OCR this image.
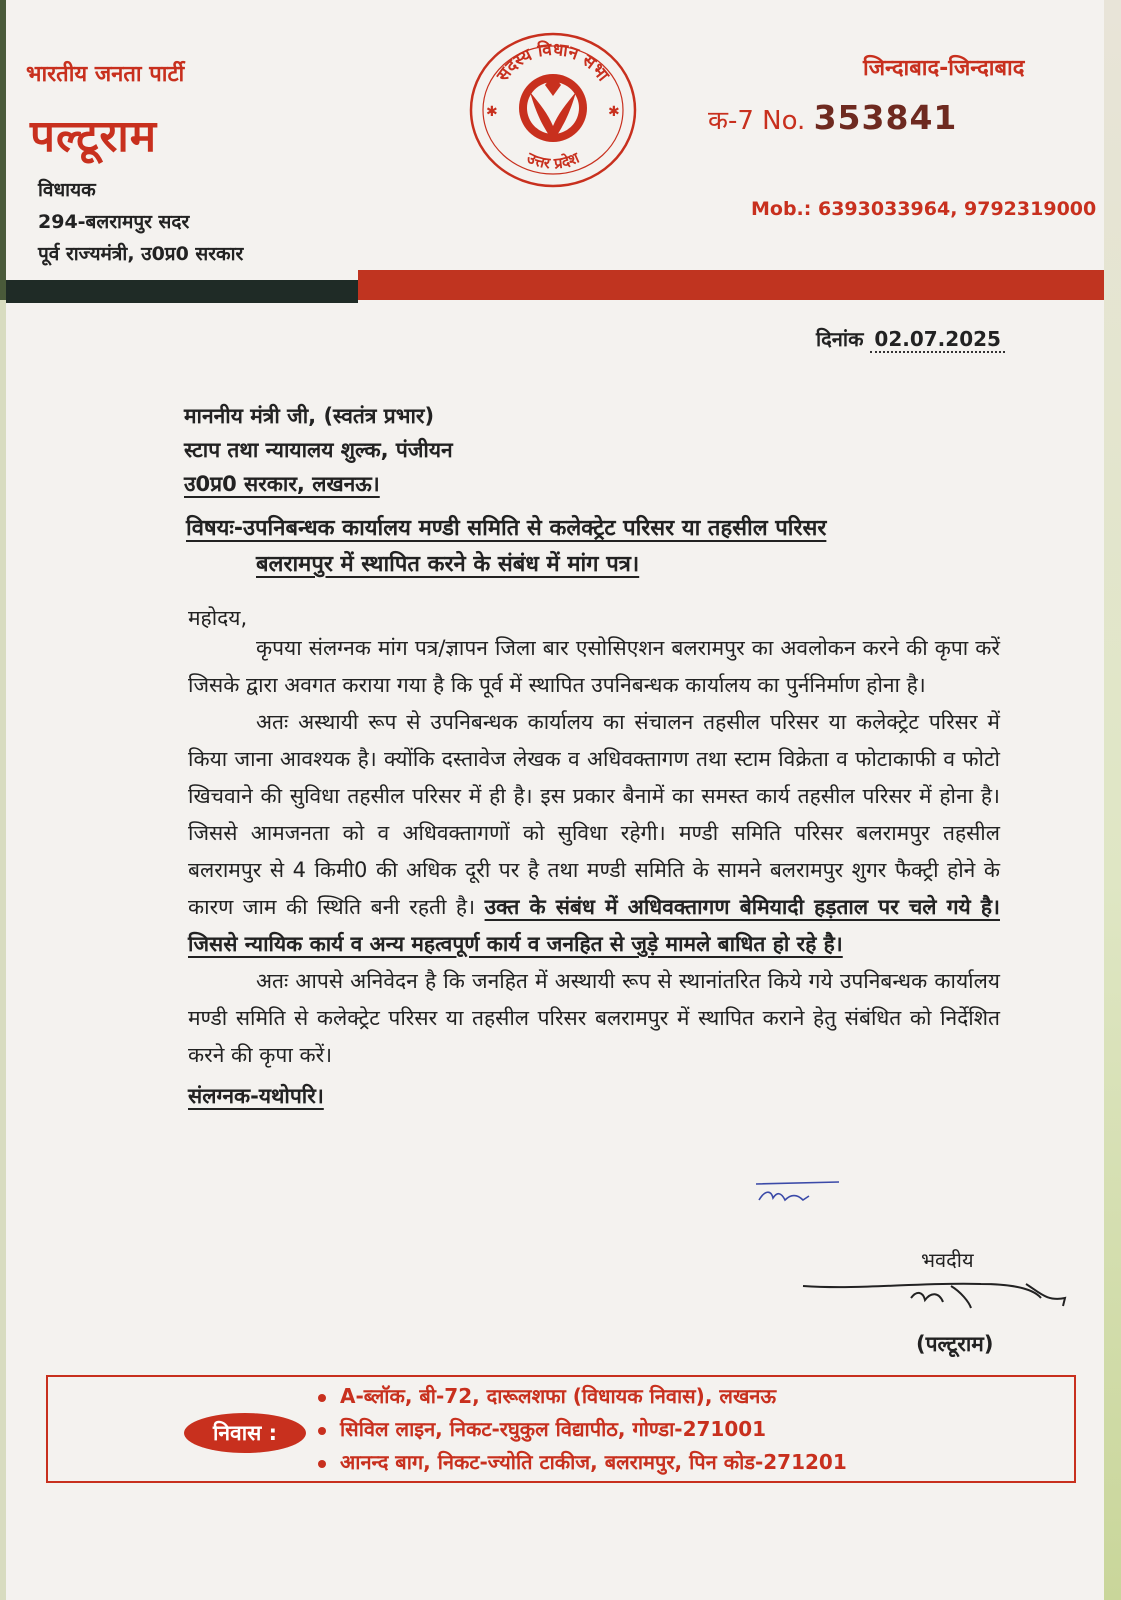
भारतीय जनता पार्टी
पल्टूराम
विधायक
294-बलरामपुर सदर
पूर्व राज्यमंत्री, उ0प्र0 सरकार
सदस्य विधान सभा
उत्तर प्रदेश
✱	✱
जिन्दाबाद-जिन्दाबाद
क-7 No. 353841
Mob.: 6393033964, 9792319000
दिनांक 02.07.2025
माननीय मंत्री जी, (स्वतंत्र प्रभार)
स्टाप तथा न्यायालय शुल्क, पंजीयन
उ0प्र0 सरकार, लखनऊ।
विषयः-उपनिबन्धक कार्यालय मण्डी समिति से कलेक्ट्रेट परिसर या तहसील परिसर
बलरामपुर में स्थापित करने के संबंध में मांग पत्र।
महोदय,

कृपया संलग्नक मांग पत्र/ज्ञापन जिला बार एसोसिएशन बलरामपुर का अवलोकन करने की कृपा करें जिसके द्वारा अवगत कराया गया है कि पूर्व में स्थापित उपनिबन्धक कार्यालय का पुर्ननिर्माण होना है।

अतः अस्थायी रूप से उपनिबन्धक कार्यालय का संचालन तहसील परिसर या कलेक्ट्रेट परिसर में किया जाना आवश्यक है। क्योंकि दस्तावेज लेखक व अधिवक्तागण तथा स्टाम विक्रेता व फोटाकाफी व फोटो खिचवाने की सुविधा तहसील परिसर में ही है। इस प्रकार बैनामें का समस्त कार्य तहसील परिसर में होना है। जिससे आमजनता को व अधिवक्तागणों को सुविधा रहेगी। मण्डी समिति परिसर बलरामपुर तहसील बलरामपुर से 4 किमी0 की अधिक दूरी पर है तथा मण्डी समिति के सामने बलरामपुर शुगर फैक्ट्री होने के कारण जाम की स्थिति बनी रहती है। उक्त के संबंध में अधिवक्तागण बेमियादी हड़ताल पर चले गये है। जिससे न्यायिक कार्य व अन्य महत्वपूर्ण कार्य व जनहित से जुड़े मामले बाधित हो रहे है।

अतः आपसे अनिवेदन है कि जनहित में अस्थायी रूप से स्थानांतरित किये गये उपनिबन्धक कार्यालय मण्डी समिति से कलेक्ट्रेट परिसर या तहसील परिसर बलरामपुर में स्थापित कराने हेतु संबंधित को निर्देशित करने की कृपा करें।

संलग्नक-यथोपरि।
भवदीय
(पल्टूराम)
निवास :
A-ब्लॉक, बी-72, दारूलशफा (विधायक निवास), लखनऊ
सिविल लाइन, निकट-रघुकुल विद्यापीठ, गोण्डा-271001
आनन्द बाग, निकट-ज्योति टाकीज, बलरामपुर, पिन कोड-271201
